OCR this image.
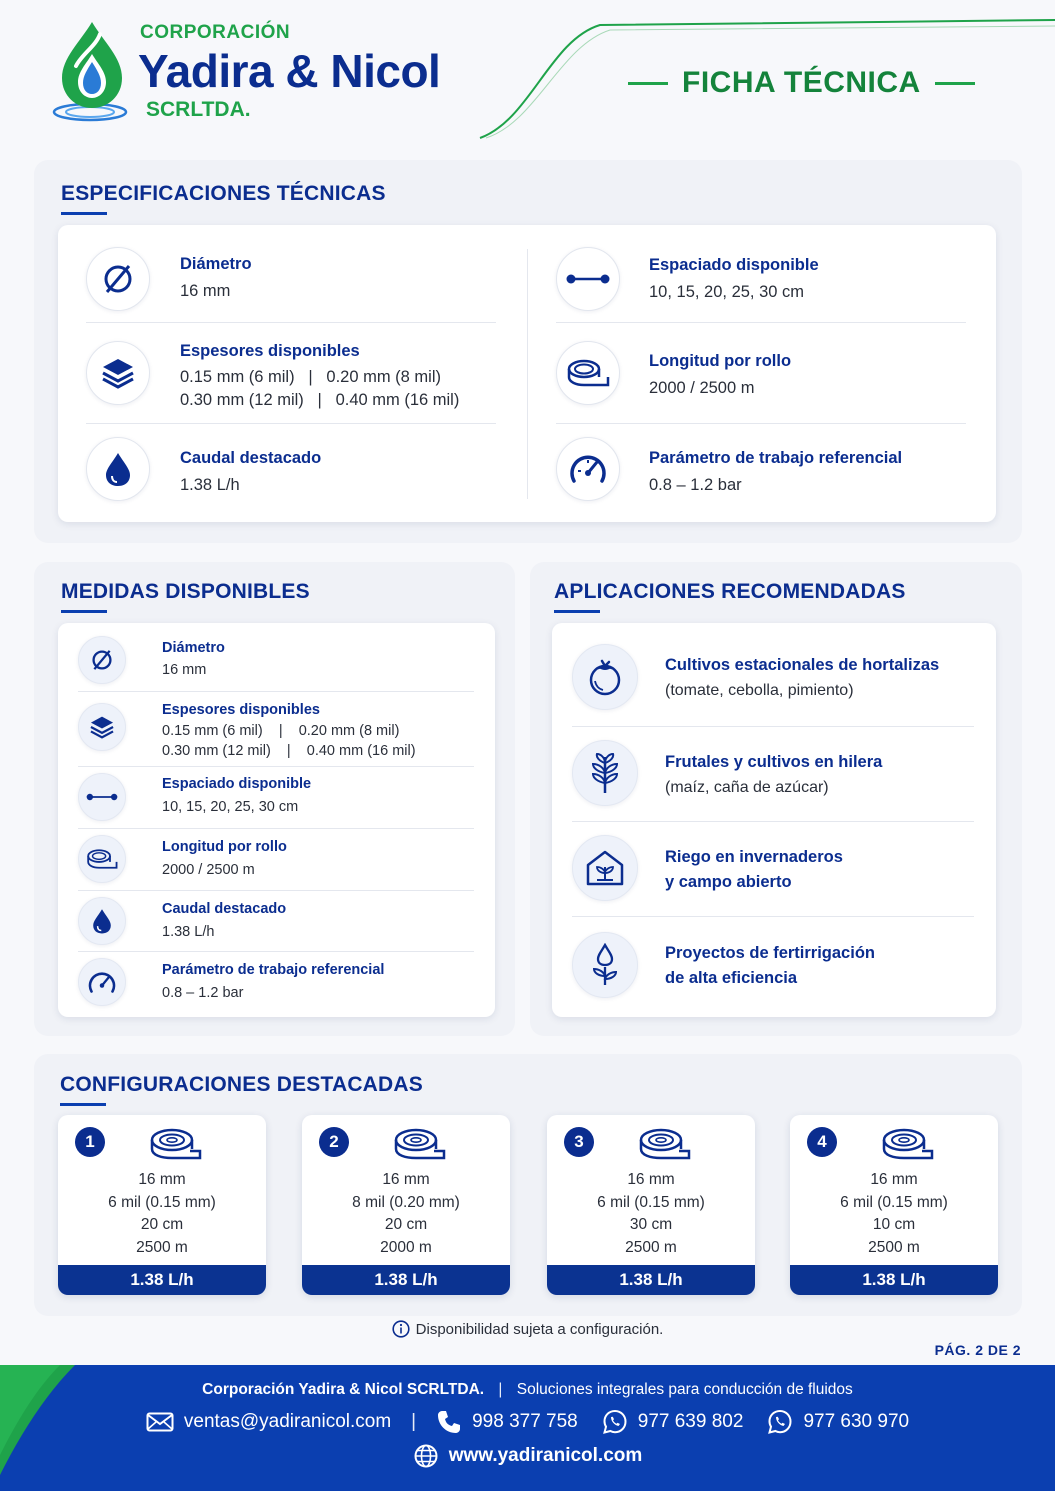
CORPORACIÓN
Yadira & Nicol
SCRLTDA.
FICHA TÉCNICA
ESPECIFICACIONES TÉCNICAS
Diámetro
16 mm
Espesores disponibles
0.15 mm (6 mil)   |   0.20 mm (8 mil)
0.30 mm (12 mil)   |   0.40 mm (16 mil)
Caudal destacado
1.38 L/h
Espaciado disponible
10, 15, 20, 25, 30 cm
Longitud por rollo
2000 / 2500 m
Parámetro de trabajo referencial
0.8 – 1.2 bar
MEDIDAS DISPONIBLES
Diámetro
16 mm
Espesores disponibles
0.15 mm (6 mil)    |    0.20 mm (8 mil)
0.30 mm (12 mil)    |    0.40 mm (16 mil)
Espaciado disponible
10, 15, 20, 25, 30 cm
Longitud por rollo
2000 / 2500 m
Caudal destacado
1.38 L/h
Parámetro de trabajo referencial
0.8 – 1.2 bar
APLICACIONES RECOMENDADAS
Cultivos estacionales de hortalizas
(tomate, cebolla, pimiento)
Frutales y cultivos en hilera
(maíz, caña de azúcar)
Riego en invernaderos
y campo abierto
Proyectos de fertirrigación
de alta eficiencia
CONFIGURACIONES DESTACADAS
1
16 mm
6 mil (0.15 mm)
20 cm
2500 m
1.38 L/h
2
16 mm
8 mil (0.20 mm)
20 cm
2000 m
1.38 L/h
3
16 mm
6 mil (0.15 mm)
30 cm
2500 m
1.38 L/h
4
16 mm
6 mil (0.15 mm)
10 cm
2500 m
1.38 L/h
Disponibilidad sujeta a configuración.
PÁG. 2 DE 2
Corporación Yadira & Nicol SCRLTDA. | Soluciones integrales para conducción de fluidos
ventas@yadiranicol.com |	998 377 758	977 639 802	977 630 970
www.yadiranicol.com
